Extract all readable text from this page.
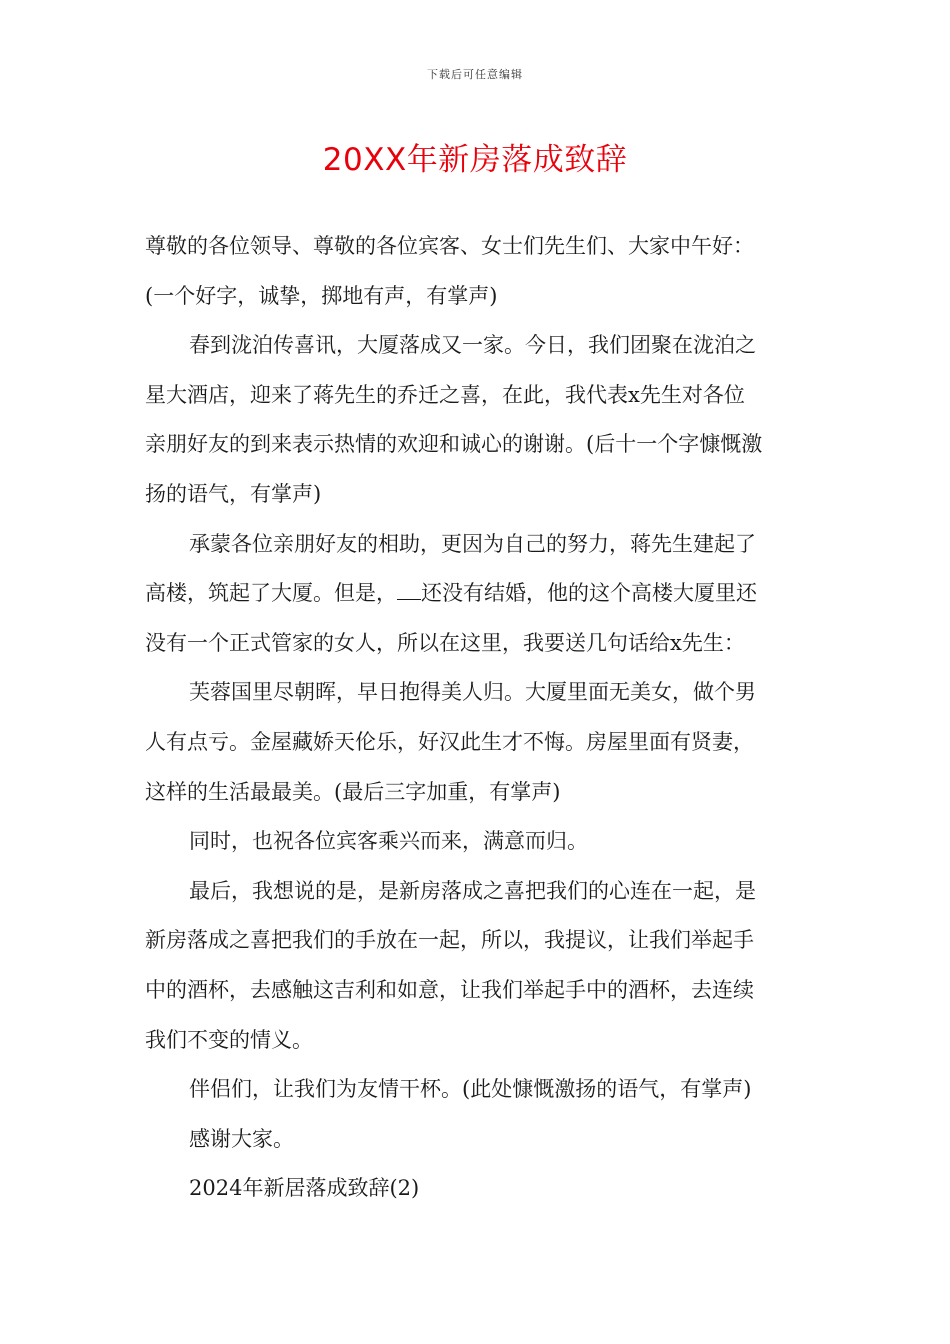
下载后可任意编辑
20XX年新房落成致辞

尊敬的各位领导、尊敬的各位宾客、女士们先生们、大家中午好：

(一个好字，诚挚，掷地有声，有掌声)

春到泷泊传喜讯，大厦落成又一家。今日，我们团聚在泷泊之

星大酒店，迎来了蒋先生的乔迁之喜，在此，我代表x先生对各位

亲朋好友的到来表示热情的欢迎和诚心的谢谢。(后十一个字慷慨激

扬的语气，有掌声)

承蒙各位亲朋好友的相助，更因为自己的努力，蒋先生建起了

高楼，筑起了大厦。但是， 还没有结婚，他的这个高楼大厦里还

没有一个正式管家的女人，所以在这里，我要送几句话给x先生：

芙蓉国里尽朝晖，早日抱得美人归。大厦里面无美女，做个男

人有点亏。金屋藏娇天伦乐，好汉此生才不悔。房屋里面有贤妻，

这样的生活最最美。(最后三字加重，有掌声)

同时，也祝各位宾客乘兴而来，满意而归。

最后，我想说的是，是新房落成之喜把我们的心连在一起，是

新房落成之喜把我们的手放在一起，所以，我提议，让我们举起手

中的酒杯，去感触这吉利和如意，让我们举起手中的酒杯，去连续

我们不变的情义。

伴侣们，让我们为友情干杯。(此处慷慨激扬的语气，有掌声)

感谢大家。

2024年新居落成致辞(2)
